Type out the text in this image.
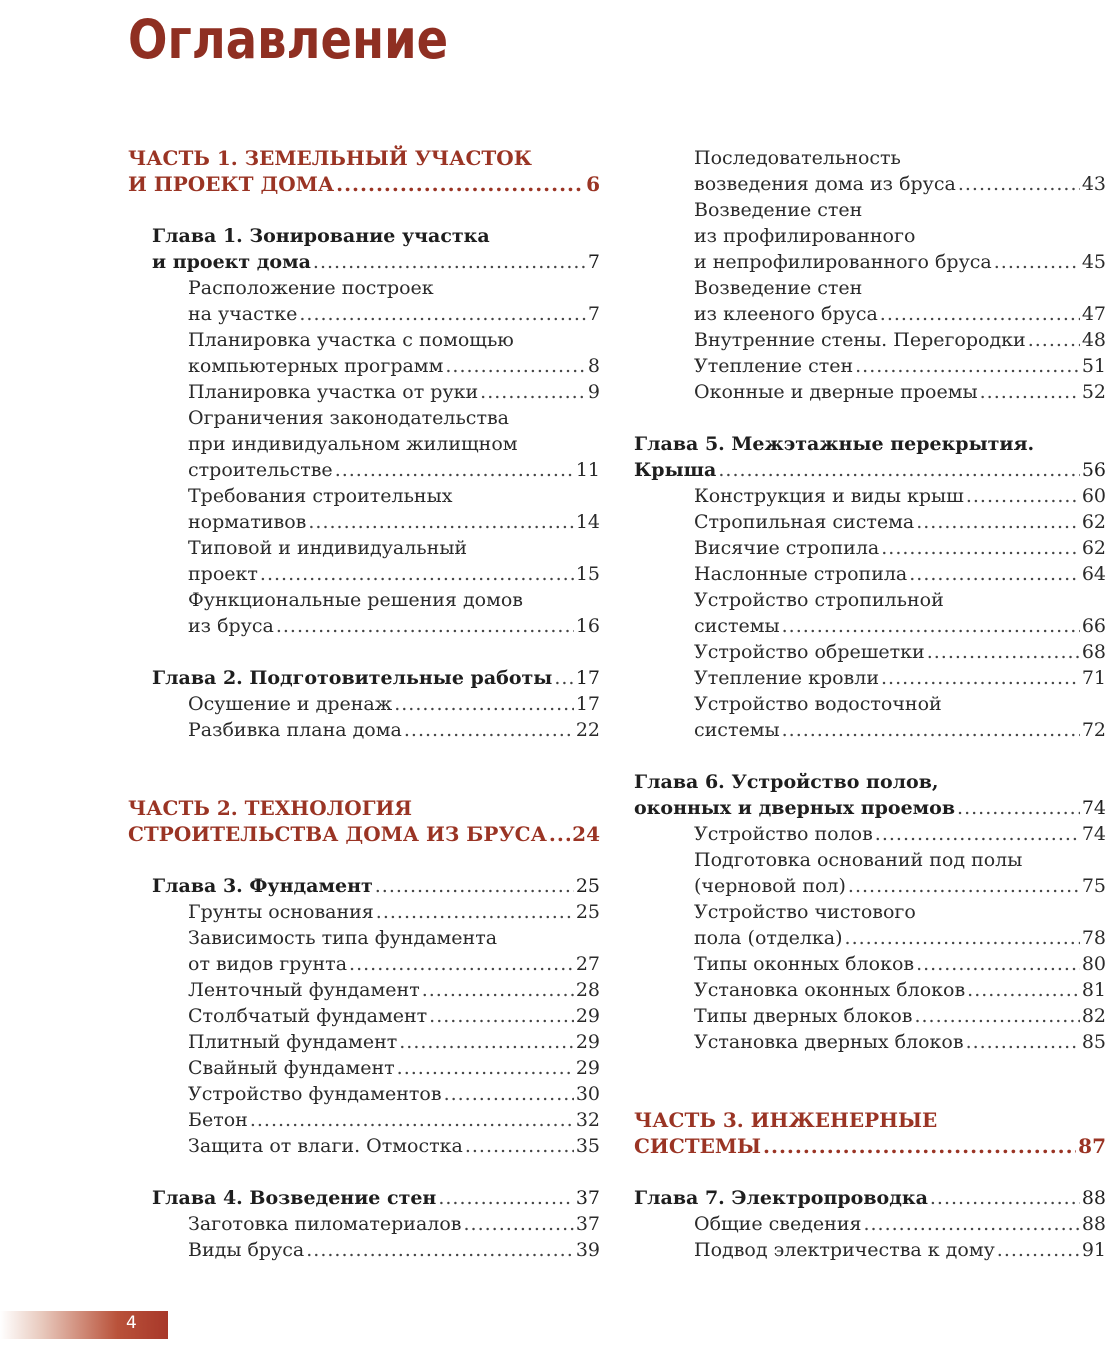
Оглавление
ЧАСТЬ 1. ЗЕМЕЛЬНЫЙ УЧАСТОК
И ПРОЕКТ ДОМА .....	6
Глава 1. Зонирование участка
и проект дома .....	7
Расположение построек
на участке .....	7
Планировка участка с помощью
компьютерных программ .....	8
Планировка участка от руки .....	9
Ограничения законодательства
при индивидуальном жилищном
строительстве .....	11
Требования строительных
нормативов .....	14
Типовой и индивидуальный
проект .....	15
Функциональные решения домов
из бруса .....	16
Глава 2. Подготовительные работы ..... 17
Осушение и дренаж .....	17
Разбивка плана дома .....	22
ЧАСТЬ 2. ТЕХНОЛОГИЯ
СТРОИТЕЛЬСТВА ДОМА ИЗ БРУСА ..... 24
Глава 3. Фундамент .....	25
Грунты основания .....	25
Зависимость типа фундамента
от видов грунта .....	27
Ленточный фундамент .....	28
Столбчатый фундамент .....	29
Плитный фундамент .....	29
Свайный фундамент .....	29
Устройство фундаментов .....	30
Бетон .....	32
Защита от влаги. Отмостка .....	35
Глава 4. Возведение стен .....	37
Заготовка пиломатериалов .....	37
Виды бруса .....	39
Последовательность
возведения дома из бруса .....	43
Возведение стен
из профилированного
и непрофилированного бруса .....	45
Возведение стен
из клееного бруса .....	47
Внутренние стены. Перегородки .....	48
Утепление стен .....	51
Оконные и дверные проемы .....	52
Глава 5. Межэтажные перекрытия.
Крыша .....	56
Конструкция и виды крыш .....	60
Стропильная система .....	62
Висячие стропила .....	62
Наслонные стропила .....	64
Устройство стропильной
системы .....	66
Устройство обрешетки .....	68
Утепление кровли .....	71
Устройство водосточной
системы .....	72
Глава 6. Устройство полов,
оконных и дверных проемов .....	74
Устройство полов .....	74
Подготовка оснований под полы
(черновой пол) .....	75
Устройство чистового
пола (отделка) .....	78
Типы оконных блоков .....	80
Установка оконных блоков .....	81
Типы дверных блоков .....	82
Установка дверных блоков .....	85
ЧАСТЬ 3. ИНЖЕНЕРНЫЕ
СИСТЕМЫ .....	87
Глава 7. Электропроводка .....	88
Общие сведения .....	88
Подвод электричества к дому .....	91
4
